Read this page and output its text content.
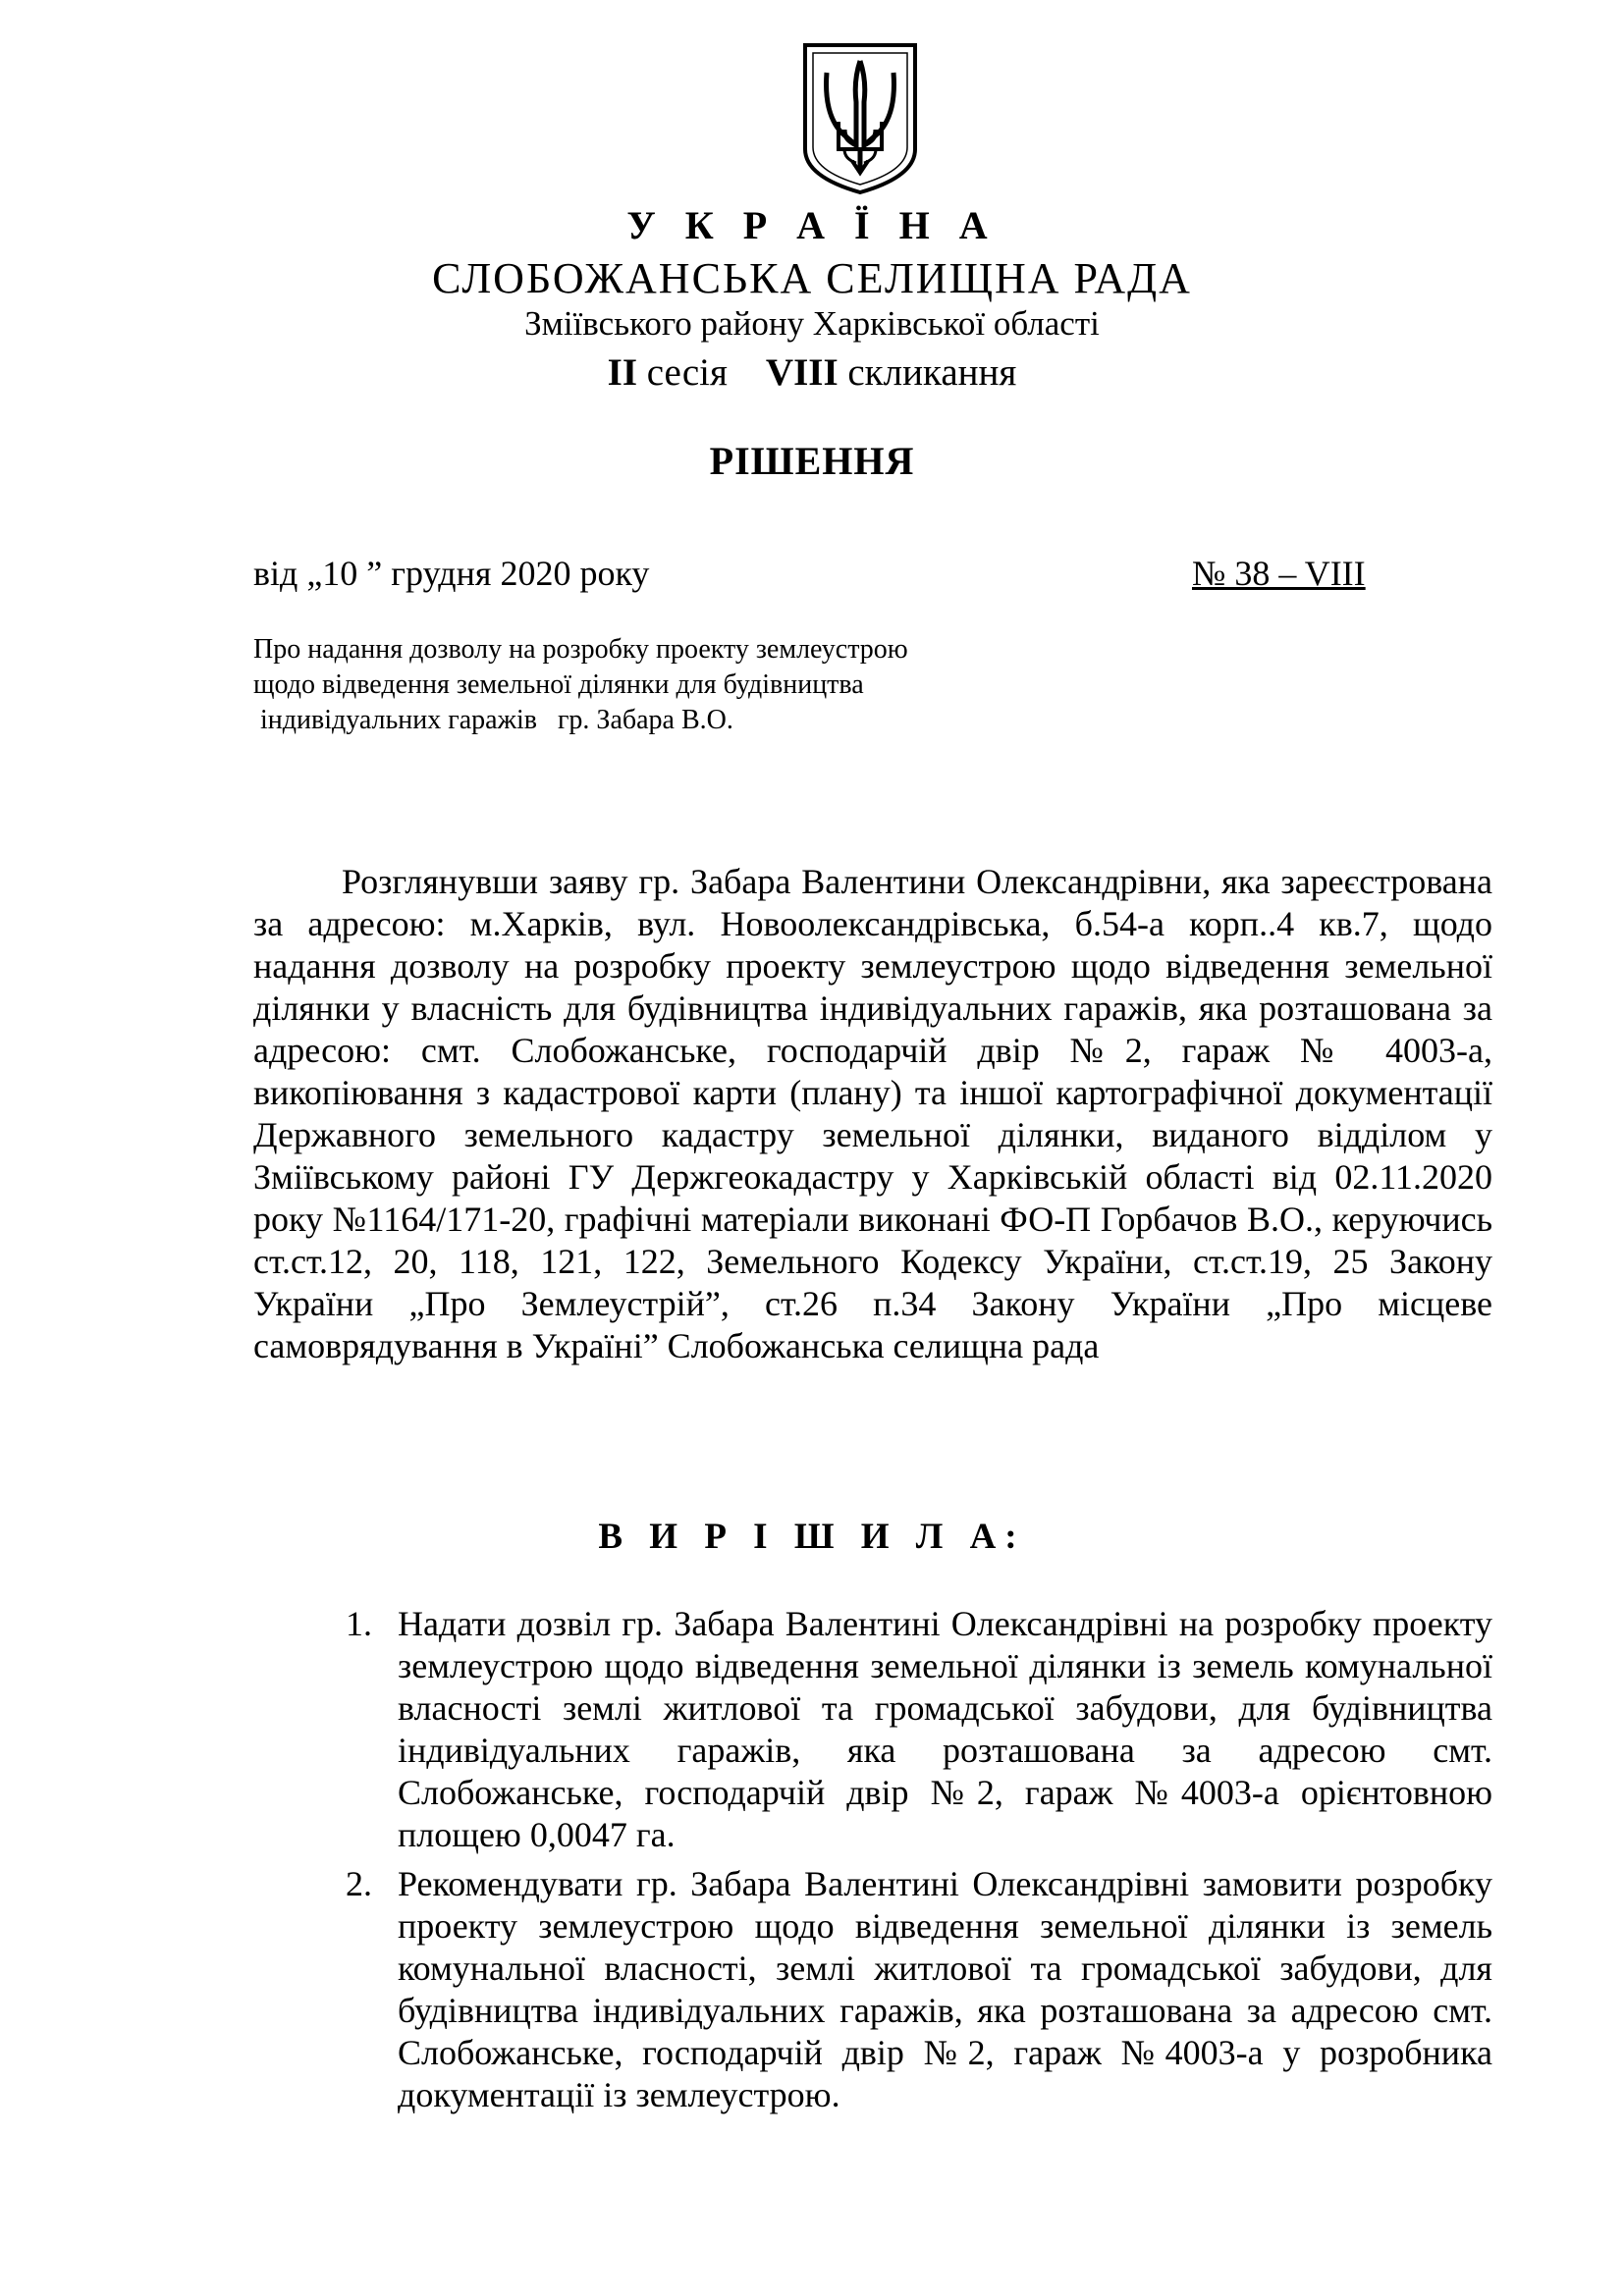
У К Р А Ї Н А
СЛОБОЖАНСЬКА СЕЛИЩНА РАДА
Зміївського району Харківської області
II сесія VIII скликання
РІШЕННЯ
від „10 ” грудня 2020 року	№ 38 – VIII
Про надання дозволу на розробку проекту землеустрою
щодо відведення земельної ділянки для будівництва
індивідуальних гаражів   гр. Забара В.О.

Розглянувши заяву гр. Забара Валентини Олександрівни, яка зареєстрована за адресою: м.Харків, вул. Новоолександрівська, б.54-а корп..4 кв.7, щодо надання дозволу на розробку проекту землеустрою щодо відведення земельної ділянки у власність для будівництва індивідуальних гаражів, яка розташована за адресою: смт. Слобожанське, господарчій двір №2, гараж № 4003-а, викопіювання з кадастрової карти (плану) та іншої картографічної документації Державного земельного кадастру земельної ділянки, виданого відділом у Зміївському районі ГУ Держгеокадастру у Харківській області від 02.11.2020 року №1164/171-20, графічні матеріали виконані ФО-П Горбачов В.О., керуючись ст.ст.12, 20, 118, 121, 122, Земельного Кодексу України, ст.ст.19, 25 Закону України „Про Землеустрій”, ст.26 п.34 Закону України „Про місцеве самоврядування в Україні” Слобожанська селищна рада

В И Р І Ш И Л А:
1. Надати дозвіл гр. Забара Валентині Олександрівні на розробку проекту землеустрою щодо відведення земельної ділянки із земель комунальної власності землі житлової та громадської забудови, для будівництва індивідуальних гаражів, яка розташована за адресою смт. Слобожанське, господарчій двір №2, гараж №4003-а орієнтовною площею 0,0047 га.
2. Рекомендувати гр. Забара Валентині Олександрівні замовити розробку проекту землеустрою щодо відведення земельної ділянки із земель комунальної власності, землі житлової та громадської забудови, для будівництва індивідуальних гаражів, яка розташована за адресою смт. Слобожанське, господарчій двір №2, гараж №4003-а у розробника документації із землеустрою.
